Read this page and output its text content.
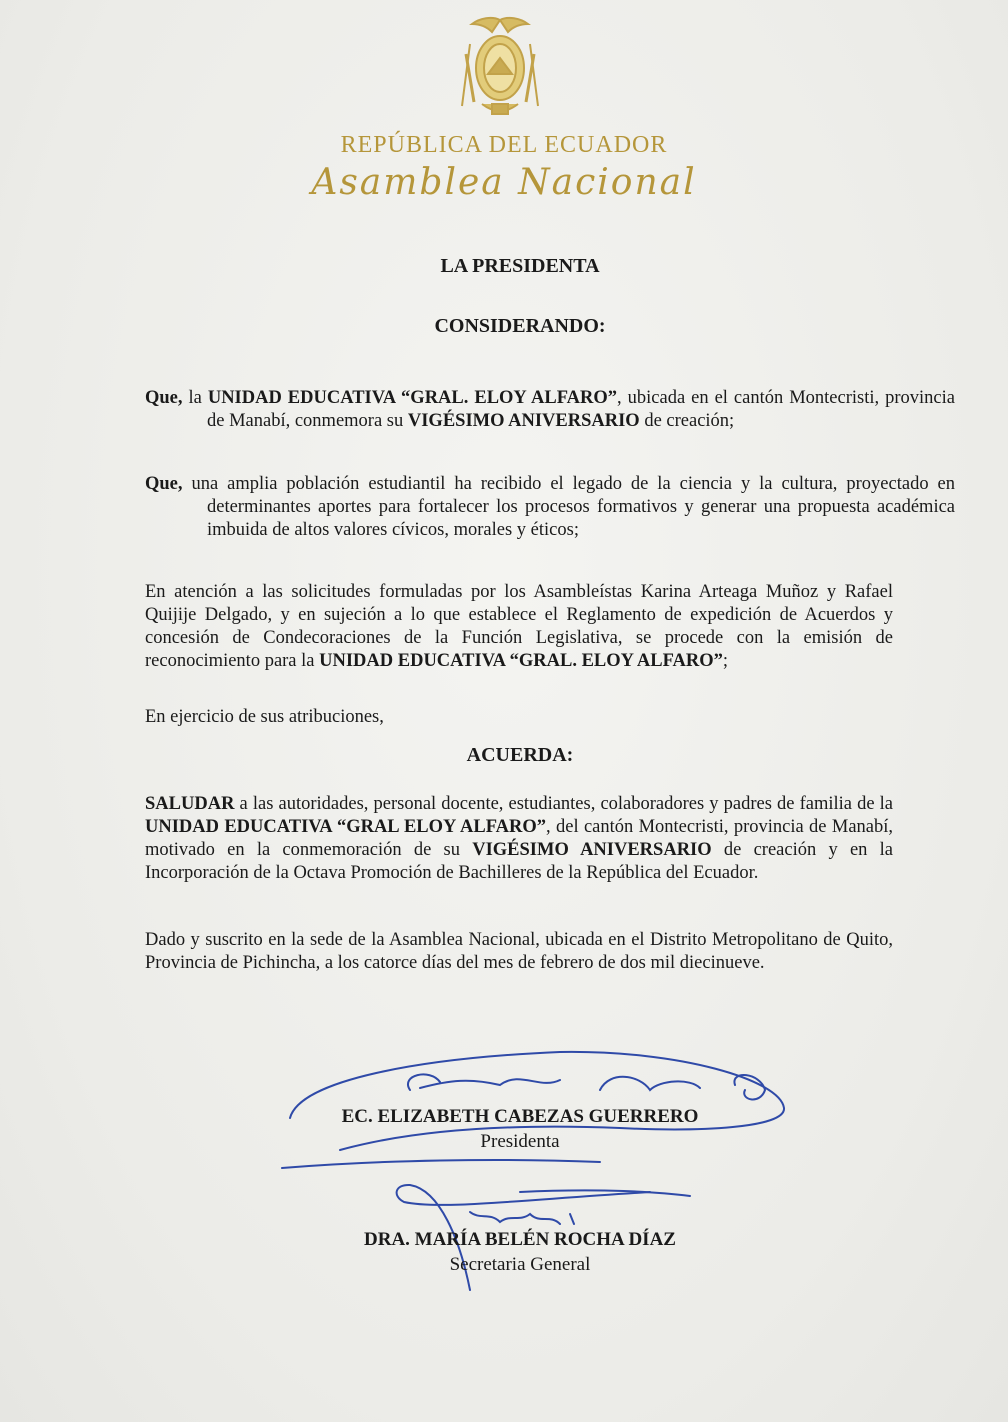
REPÚBLICA DEL ECUADOR
Asamblea Nacional
LA PRESIDENTA
CONSIDERANDO:
Que, la UNIDAD EDUCATIVA “GRAL. ELOY ALFARO”, ubicada en el cantón Montecristi, provincia de Manabí, conmemora su VIGÉSIMO ANIVERSARIO de creación;
Que, una amplia población estudiantil ha recibido el legado de la ciencia y la cultura, proyectado en determinantes aportes para fortalecer los procesos formativos y generar una propuesta académica imbuida de altos valores cívicos, morales y éticos;
En atención a las solicitudes formuladas por los Asambleístas Karina Arteaga Muñoz y Rafael Quijije Delgado, y en sujeción a lo que establece el Reglamento de expedición de Acuerdos y concesión de Condecoraciones de la Función Legislativa, se procede con la emisión de reconocimiento para la UNIDAD EDUCATIVA “GRAL. ELOY ALFARO”;
En ejercicio de sus atribuciones,
ACUERDA:
SALUDAR a las autoridades, personal docente, estudiantes, colaboradores y padres de familia de la UNIDAD EDUCATIVA “GRAL ELOY ALFARO”, del cantón Montecristi, provincia de Manabí, motivado en la conmemoración de su VIGÉSIMO ANIVERSARIO de creación y en la Incorporación de la Octava Promoción de Bachilleres de la República del Ecuador.
Dado y suscrito en la sede de la Asamblea Nacional, ubicada en el Distrito Metropolitano de Quito, Provincia de Pichincha, a los catorce días del mes de febrero de dos mil diecinueve.
EC. ELIZABETH CABEZAS GUERRERO
Presidenta
DRA. MARÍA BELÉN ROCHA DÍAZ
Secretaria General
